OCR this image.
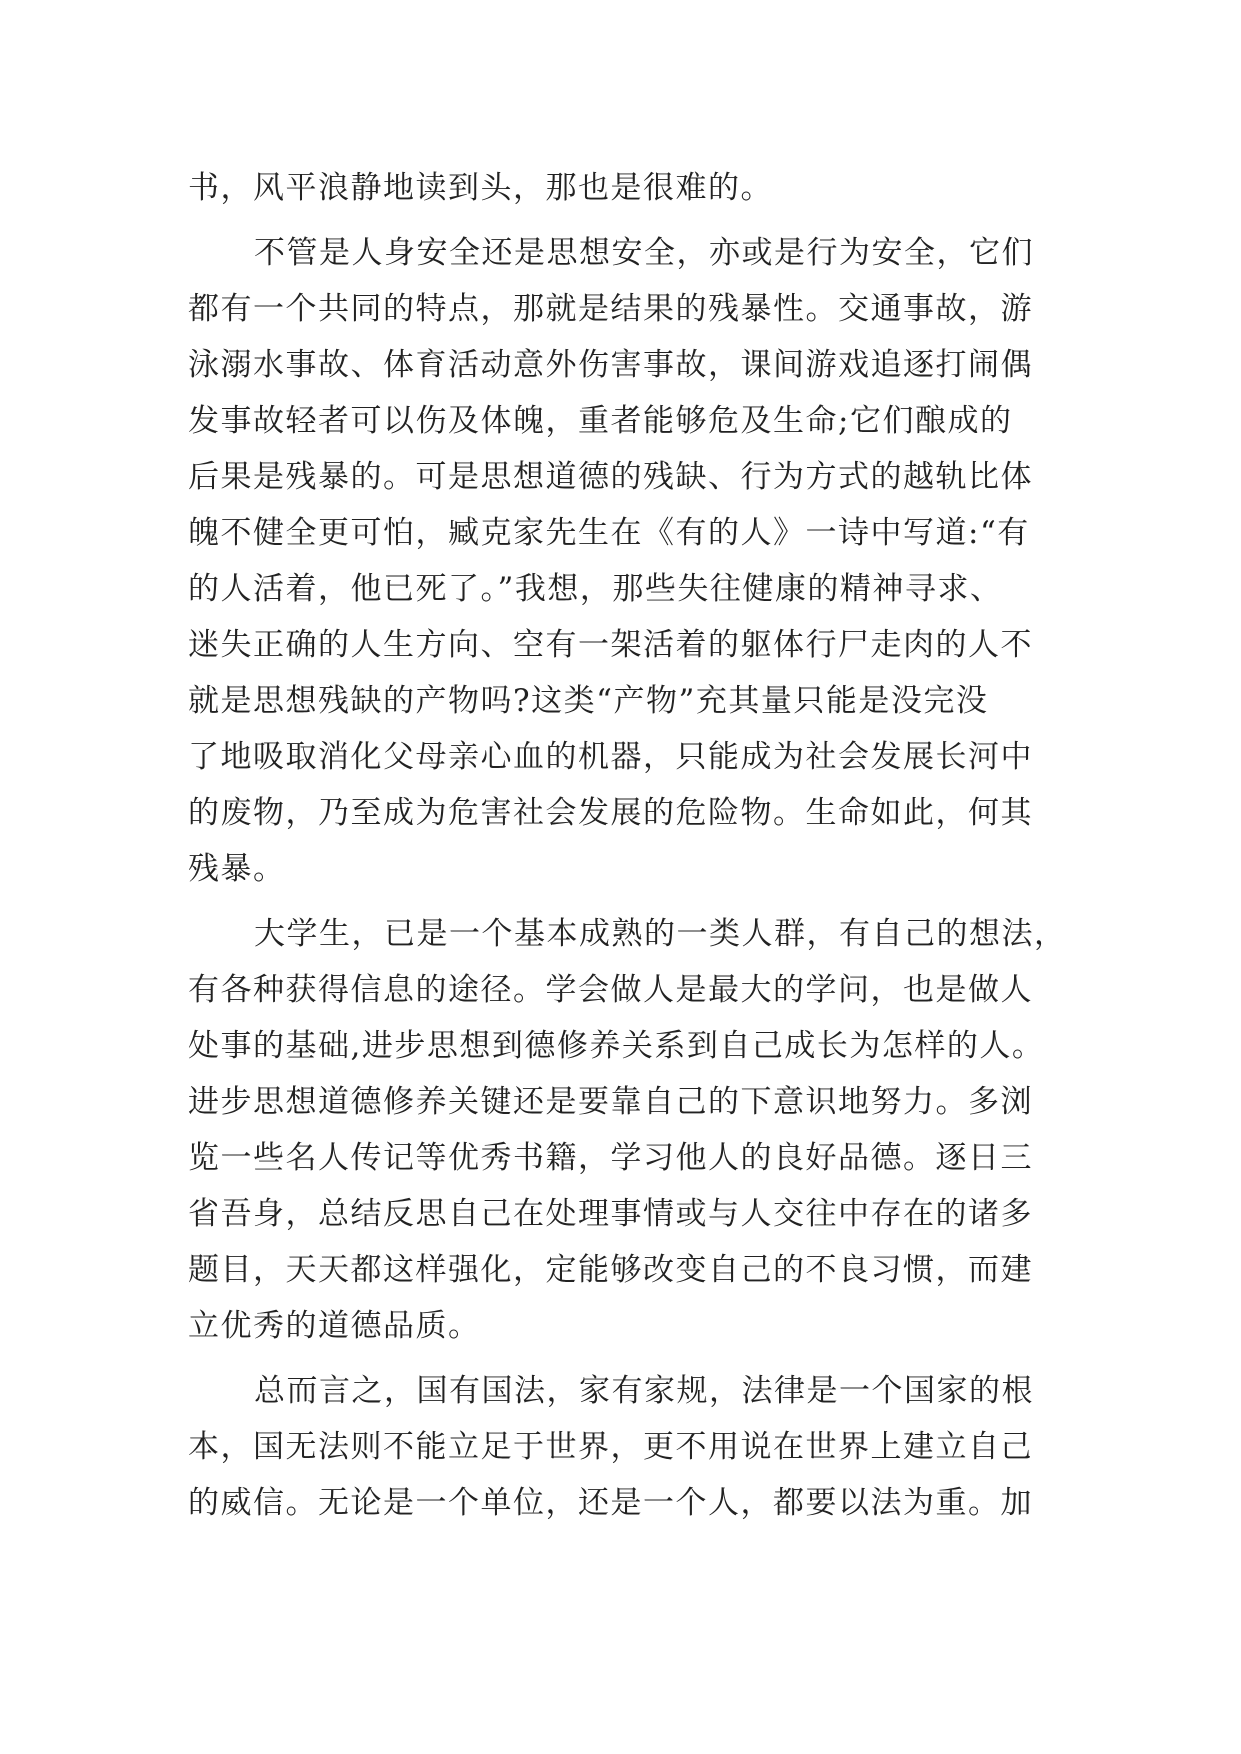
书，风平浪静地读到头，那也是很难的。
不管是人身安全还是思想安全，亦或是行为安全，它们
都有一个共同的特点，那就是结果的残暴性。交通事故，游
泳溺水事故、体育活动意外伤害事故，课间游戏追逐打闹偶
发事故轻者可以伤及体魄，重者能够危及生命;它们酿成的
后果是残暴的。可是思想道德的残缺、行为方式的越轨比体
魄不健全更可怕，臧克家先生在《有的人》一诗中写道:“有
的人活着，他已死了。”我想，那些失往健康的精神寻求、
迷失正确的人生方向、空有一架活着的躯体行尸走肉的人不
就是思想残缺的产物吗?这类“产物”充其量只能是没完没
了地吸取消化父母亲心血的机器，只能成为社会发展长河中
的废物，乃至成为危害社会发展的危险物。生命如此，何其
残暴。
大学生，已是一个基本成熟的一类人群，有自己的想法，
有各种获得信息的途径。学会做人是最大的学问，也是做人
处事的基础,进步思想到德修养关系到自己成长为怎样的人。
进步思想道德修养关键还是要靠自己的下意识地努力。多浏
览一些名人传记等优秀书籍，学习他人的良好品德。逐日三
省吾身，总结反思自己在处理事情或与人交往中存在的诸多
题目，天天都这样强化，定能够改变自己的不良习惯，而建
立优秀的道德品质。
总而言之，国有国法，家有家规，法律是一个国家的根
本，国无法则不能立足于世界，更不用说在世界上建立自己
的威信。无论是一个单位，还是一个人，都要以法为重。加
